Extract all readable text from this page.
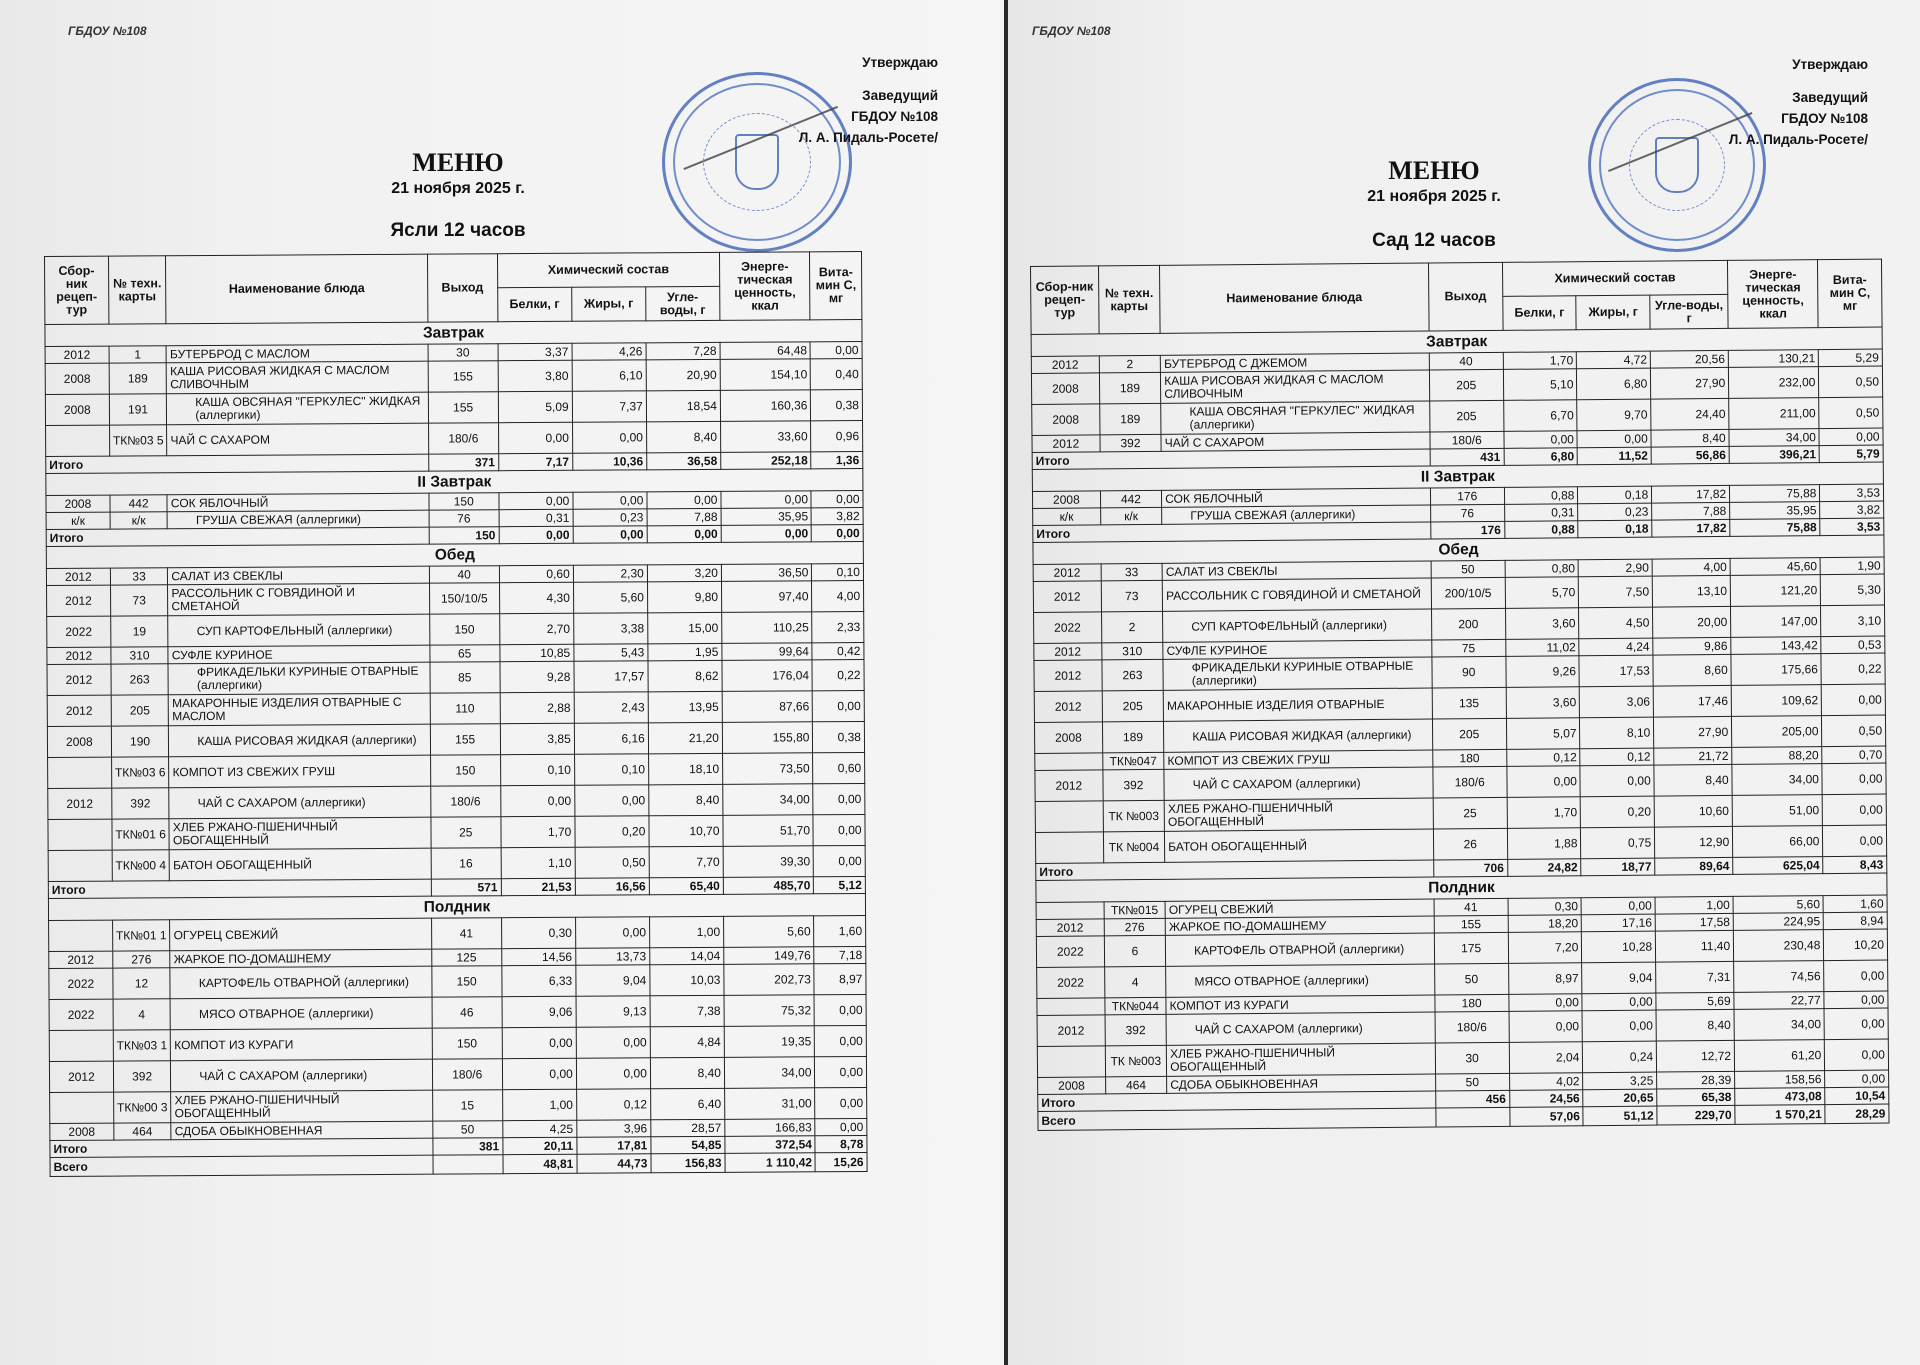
ГБДОУ №108
Утверждаю
Заведущий
ГБДОУ №108
Л. А. Пидаль-Росете/
МЕНЮ
21 ноября 2025 г.
Ясли 12 часов
Сбор-ник рецеп-тур	№ техн. карты	Наименование блюда	Выход	Химический состав			Энерге-тическая ценность, ккал	Вита-мин С, мг
				Белки, г	Жиры, г	Угле-воды, г		
Завтрак								
2012	1	БУТЕРБРОД С МАСЛОМ	30	3,37	4,26	7,28	64,48	0,00
2008	189	КАША РИСОВАЯ ЖИДКАЯ С МАСЛОМ СЛИВОЧНЫМ	155	3,80	6,10	20,90	154,10	0,40
2008	191	КАША ОВСЯНАЯ "ГЕРКУЛЕС" ЖИДКАЯ (аллергики)	155	5,09	7,37	18,54	160,36	0,38
	ТК№03 5	ЧАЙ С САХАРОМ	180/6	0,00	0,00	8,40	33,60	0,96
Итого			371	7,17	10,36	36,58	252,18	1,36
II Завтрак								
2008	442	СОК ЯБЛОЧНЫЙ	150	0,00	0,00	0,00	0,00	0,00
к/к	к/к	ГРУША СВЕЖАЯ (аллергики)	76	0,31	0,23	7,88	35,95	3,82
Итого			150	0,00	0,00	0,00	0,00	0,00
Обед								
2012	33	САЛАТ ИЗ СВЕКЛЫ	40	0,60	2,30	3,20	36,50	0,10
2012	73	РАССОЛЬНИК С ГОВЯДИНОЙ И СМЕТАНОЙ	150/10/5	4,30	5,60	9,80	97,40	4,00
2022	19	СУП КАРТОФЕЛЬНЫЙ (аллергики)	150	2,70	3,38	15,00	110,25	2,33
2012	310	СУФЛЕ КУРИНОЕ	65	10,85	5,43	1,95	99,64	0,42
2012	263	ФРИКАДЕЛЬКИ КУРИНЫЕ ОТВАРНЫЕ (аллергики)	85	9,28	17,57	8,62	176,04	0,22
2012	205	МАКАРОННЫЕ ИЗДЕЛИЯ ОТВАРНЫЕ С МАСЛОМ	110	2,88	2,43	13,95	87,66	0,00
2008	190	КАША РИСОВАЯ ЖИДКАЯ (аллергики)	155	3,85	6,16	21,20	155,80	0,38
	ТК№03 6	КОМПОТ ИЗ СВЕЖИХ ГРУШ	150	0,10	0,10	18,10	73,50	0,60
2012	392	ЧАЙ С САХАРОМ (аллергики)	180/6	0,00	0,00	8,40	34,00	0,00
	ТК№01 6	ХЛЕБ РЖАНО-ПШЕНИЧНЫЙ ОБОГАЩЕННЫЙ	25	1,70	0,20	10,70	51,70	0,00
	ТК№00 4	БАТОН ОБОГАЩЕННЫЙ	16	1,10	0,50	7,70	39,30	0,00
Итого			571	21,53	16,56	65,40	485,70	5,12
Полдник								
	ТК№01 1	ОГУРЕЦ СВЕЖИЙ	41	0,30	0,00	1,00	5,60	1,60
2012	276	ЖАРКОЕ ПО-ДОМАШНЕМУ	125	14,56	13,73	14,04	149,76	7,18
2022	12	КАРТОФЕЛЬ ОТВАРНОЙ (аллергики)	150	6,33	9,04	10,03	202,73	8,97
2022	4	МЯСО ОТВАРНОЕ (аллергики)	46	9,06	9,13	7,38	75,32	0,00
	ТК№03 1	КОМПОТ ИЗ КУРАГИ	150	0,00	0,00	4,84	19,35	0,00
2012	392	ЧАЙ С САХАРОМ (аллергики)	180/6	0,00	0,00	8,40	34,00	0,00
	ТК№00 3	ХЛЕБ РЖАНО-ПШЕНИЧНЫЙ ОБОГАЩЕННЫЙ	15	1,00	0,12	6,40	31,00	0,00
2008	464	СДОБА ОБЫКНОВЕННАЯ	50	4,25	3,96	28,57	166,83	0,00
Итого			381	20,11	17,81	54,85	372,54	8,78
Всего				48,81	44,73	156,83	1 110,42	15,26
ГБДОУ №108
Утверждаю
Заведущий
ГБДОУ №108
Л. А. Пидаль-Росете/
МЕНЮ
21 ноября 2025 г.
Сад 12 часов
Сбор-ник рецеп-тур	№ техн. карты	Наименование блюда	Выход	Химический состав			Энерге-тическая ценность, ккал	Вита-мин С, мг
				Белки, г	Жиры, г	Угле-воды, г		
Завтрак								
2012	2	БУТЕРБРОД С ДЖЕМОМ	40	1,70	4,72	20,56	130,21	5,29
2008	189	КАША РИСОВАЯ ЖИДКАЯ С МАСЛОМ СЛИВОЧНЫМ	205	5,10	6,80	27,90	232,00	0,50
2008	189	КАША ОВСЯНАЯ "ГЕРКУЛЕС" ЖИДКАЯ (аллергики)	205	6,70	9,70	24,40	211,00	0,50
2012	392	ЧАЙ С САХАРОМ	180/6	0,00	0,00	8,40	34,00	0,00
Итого			431	6,80	11,52	56,86	396,21	5,79
II Завтрак								
2008	442	СОК ЯБЛОЧНЫЙ	176	0,88	0,18	17,82	75,88	3,53
к/к	к/к	ГРУША СВЕЖАЯ (аллергики)	76	0,31	0,23	7,88	35,95	3,82
Итого			176	0,88	0,18	17,82	75,88	3,53
Обед								
2012	33	САЛАТ ИЗ СВЕКЛЫ	50	0,80	2,90	4,00	45,60	1,90
2012	73	РАССОЛЬНИК С ГОВЯДИНОЙ И СМЕТАНОЙ	200/10/5	5,70	7,50	13,10	121,20	5,30
2022	2	СУП КАРТОФЕЛЬНЫЙ (аллергики)	200	3,60	4,50	20,00	147,00	3,10
2012	310	СУФЛЕ КУРИНОЕ	75	11,02	4,24	9,86	143,42	0,53
2012	263	ФРИКАДЕЛЬКИ КУРИНЫЕ ОТВАРНЫЕ (аллергики)	90	9,26	17,53	8,60	175,66	0,22
2012	205	МАКАРОННЫЕ ИЗДЕЛИЯ ОТВАРНЫЕ	135	3,60	3,06	17,46	109,62	0,00
2008	189	КАША РИСОВАЯ ЖИДКАЯ (аллергики)	205	5,07	8,10	27,90	205,00	0,50
	ТК№047	КОМПОТ ИЗ СВЕЖИХ ГРУШ	180	0,12	0,12	21,72	88,20	0,70
2012	392	ЧАЙ С САХАРОМ (аллергики)	180/6	0,00	0,00	8,40	34,00	0,00
	ТК №003	ХЛЕБ РЖАНО-ПШЕНИЧНЫЙ ОБОГАЩЕННЫЙ	25	1,70	0,20	10,60	51,00	0,00
	ТК №004	БАТОН ОБОГАЩЕННЫЙ	26	1,88	0,75	12,90	66,00	0,00
Итого			706	24,82	18,77	89,64	625,04	8,43
Полдник								
	ТК№015	ОГУРЕЦ СВЕЖИЙ	41	0,30	0,00	1,00	5,60	1,60
2012	276	ЖАРКОЕ ПО-ДОМАШНЕМУ	155	18,20	17,16	17,58	224,95	8,94
2022	6	КАРТОФЕЛЬ ОТВАРНОЙ (аллергики)	175	7,20	10,28	11,40	230,48	10,20
2022	4	МЯСО ОТВАРНОЕ (аллергики)	50	8,97	9,04	7,31	74,56	0,00
	ТК№044	КОМПОТ ИЗ КУРАГИ	180	0,00	0,00	5,69	22,77	0,00
2012	392	ЧАЙ С САХАРОМ (аллергики)	180/6	0,00	0,00	8,40	34,00	0,00
	ТК №003	ХЛЕБ РЖАНО-ПШЕНИЧНЫЙ ОБОГАЩЕННЫЙ	30	2,04	0,24	12,72	61,20	0,00
2008	464	СДОБА ОБЫКНОВЕННАЯ	50	4,02	3,25	28,39	158,56	0,00
Итого			456	24,56	20,65	65,38	473,08	10,54
Всего				57,06	51,12	229,70	1 570,21	28,29
